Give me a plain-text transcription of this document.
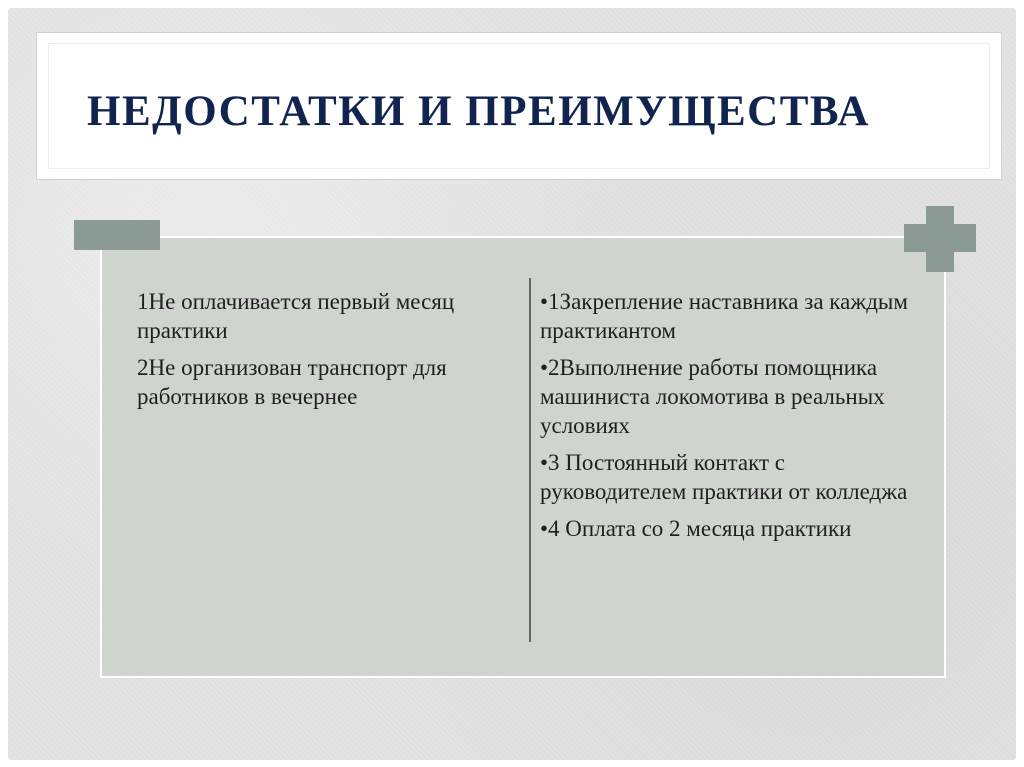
НЕДОСТАТКИ И ПРЕИМУЩЕСТВА
1Не оплачивается первый месяц практики
2Не организован транспорт для работников в вечернее
•1Закрепление наставника за каждым практикантом
•2Выполнение работы помощника машиниста локомотива в реальных условиях
•3 Постоянный контакт с руководителем практики от колледжа
•4 Оплата со 2 месяца практики
